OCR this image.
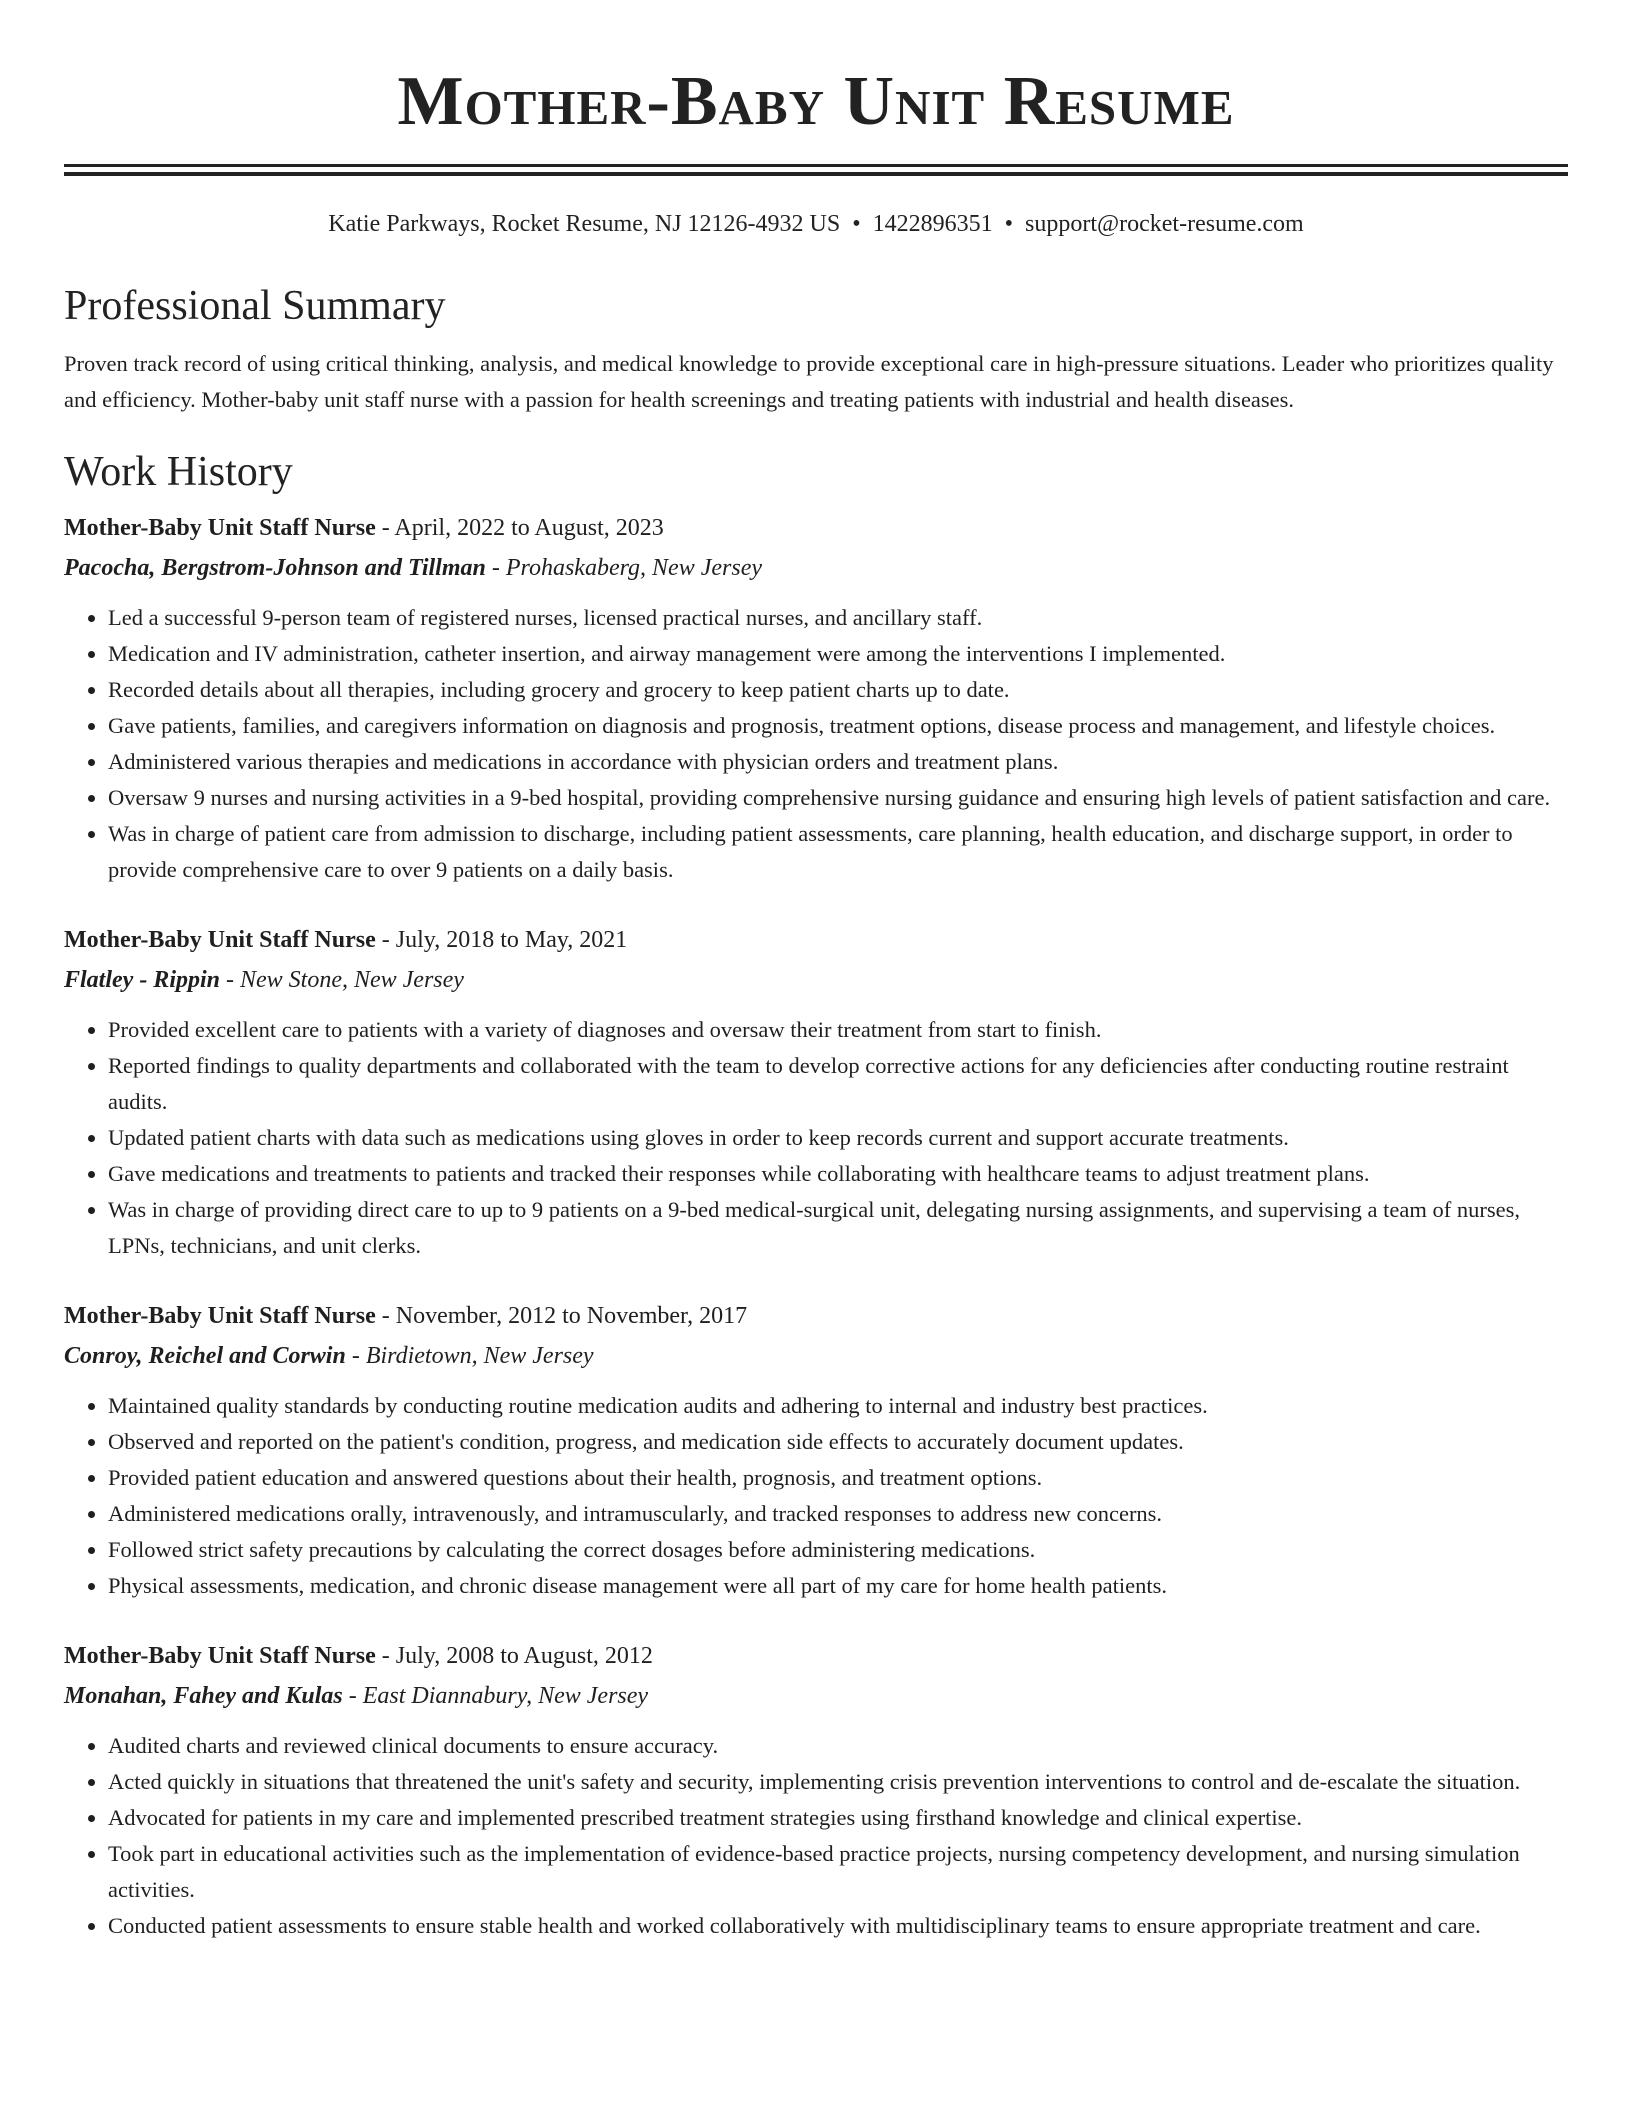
Mother-Baby Unit Resume
Katie Parkways, Rocket Resume, NJ 12126-4932 US • 1422896351 • support@rocket-resume.com
Professional Summary

Proven track record of using critical thinking, analysis, and medical knowledge to provide exceptional care in high-pressure situations. Leader who prioritizes quality and efficiency. Mother-baby unit staff nurse with a passion for health screenings and treating patients with industrial and health diseases.

Work History

Mother-Baby Unit Staff Nurse - April, 2022 to August, 2023

Pacocha, Bergstrom-Johnson and Tillman - Prohaskaberg, New Jersey

• Led a successful 9-person team of registered nurses, licensed practical nurses, and ancillary staff.
• Medication and IV administration, catheter insertion, and airway management were among the interventions I implemented.
• Recorded details about all therapies, including grocery and grocery to keep patient charts up to date.
• Gave patients, families, and caregivers information on diagnosis and prognosis, treatment options, disease process and management, and lifestyle choices.
• Administered various therapies and medications in accordance with physician orders and treatment plans.
• Oversaw 9 nurses and nursing activities in a 9-bed hospital, providing comprehensive nursing guidance and ensuring high levels of patient satisfaction and care.
• Was in charge of patient care from admission to discharge, including patient assessments, care planning, health education, and discharge support, in order to provide comprehensive care to over 9 patients on a daily basis.

Mother-Baby Unit Staff Nurse - July, 2018 to May, 2021

Flatley - Rippin - New Stone, New Jersey

• Provided excellent care to patients with a variety of diagnoses and oversaw their treatment from start to finish.
• Reported findings to quality departments and collaborated with the team to develop corrective actions for any deficiencies after conducting routine restraint audits.
• Updated patient charts with data such as medications using gloves in order to keep records current and support accurate treatments.
• Gave medications and treatments to patients and tracked their responses while collaborating with healthcare teams to adjust treatment plans.
• Was in charge of providing direct care to up to 9 patients on a 9-bed medical-surgical unit, delegating nursing assignments, and supervising a team of nurses, LPNs, technicians, and unit clerks.

Mother-Baby Unit Staff Nurse - November, 2012 to November, 2017

Conroy, Reichel and Corwin - Birdietown, New Jersey

• Maintained quality standards by conducting routine medication audits and adhering to internal and industry best practices.
• Observed and reported on the patient's condition, progress, and medication side effects to accurately document updates.
• Provided patient education and answered questions about their health, prognosis, and treatment options.
• Administered medications orally, intravenously, and intramuscularly, and tracked responses to address new concerns.
• Followed strict safety precautions by calculating the correct dosages before administering medications.
• Physical assessments, medication, and chronic disease management were all part of my care for home health patients.

Mother-Baby Unit Staff Nurse - July, 2008 to August, 2012

Monahan, Fahey and Kulas - East Diannabury, New Jersey

• Audited charts and reviewed clinical documents to ensure accuracy.
• Acted quickly in situations that threatened the unit's safety and security, implementing crisis prevention interventions to control and de-escalate the situation.
• Advocated for patients in my care and implemented prescribed treatment strategies using firsthand knowledge and clinical expertise.
• Took part in educational activities such as the implementation of evidence-based practice projects, nursing competency development, and nursing simulation activities.
• Conducted patient assessments to ensure stable health and worked collaboratively with multidisciplinary teams to ensure appropriate treatment and care.
